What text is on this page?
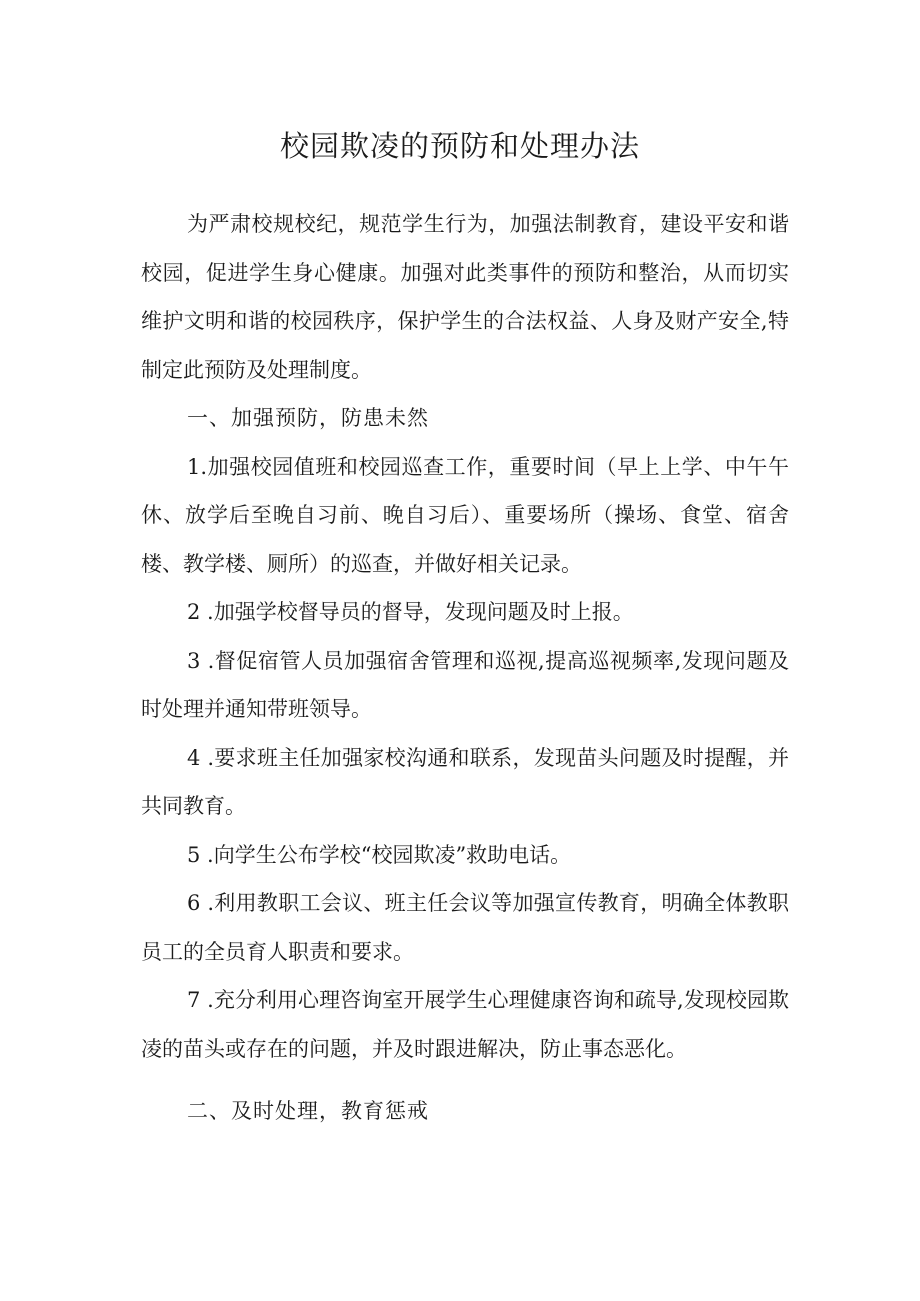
校园欺凌的预防和处理办法

为严肃校规校纪，规范学生行为，加强法制教育，建设平安和谐校园，促进学生身心健康。加强对此类事件的预防和整治，从而切实维护文明和谐的校园秩序，保护学生的合法权益、人身及财产安全,特制定此预防及处理制度。

一、加强预防，防患未然

1.加强校园值班和校园巡查工作，重要时间（早上上学、中午午休、放学后至晚自习前、晚自习后）、重要场所（操场、食堂、宿舍楼、教学楼、厕所）的巡查，并做好相关记录。

2 .加强学校督导员的督导，发现问题及时上报。

3 .督促宿管人员加强宿舍管理和巡视,提高巡视频率,发现问题及时处理并通知带班领导。

4 .要求班主任加强家校沟通和联系，发现苗头问题及时提醒，并共同教育。

5 .向学生公布学校“校园欺凌”救助电话。

6 .利用教职工会议、班主任会议等加强宣传教育，明确全体教职员工的全员育人职责和要求。

7 .充分利用心理咨询室开展学生心理健康咨询和疏导,发现校园欺凌的苗头或存在的问题，并及时跟进解决，防止事态恶化。

二、及时处理，教育惩戒
